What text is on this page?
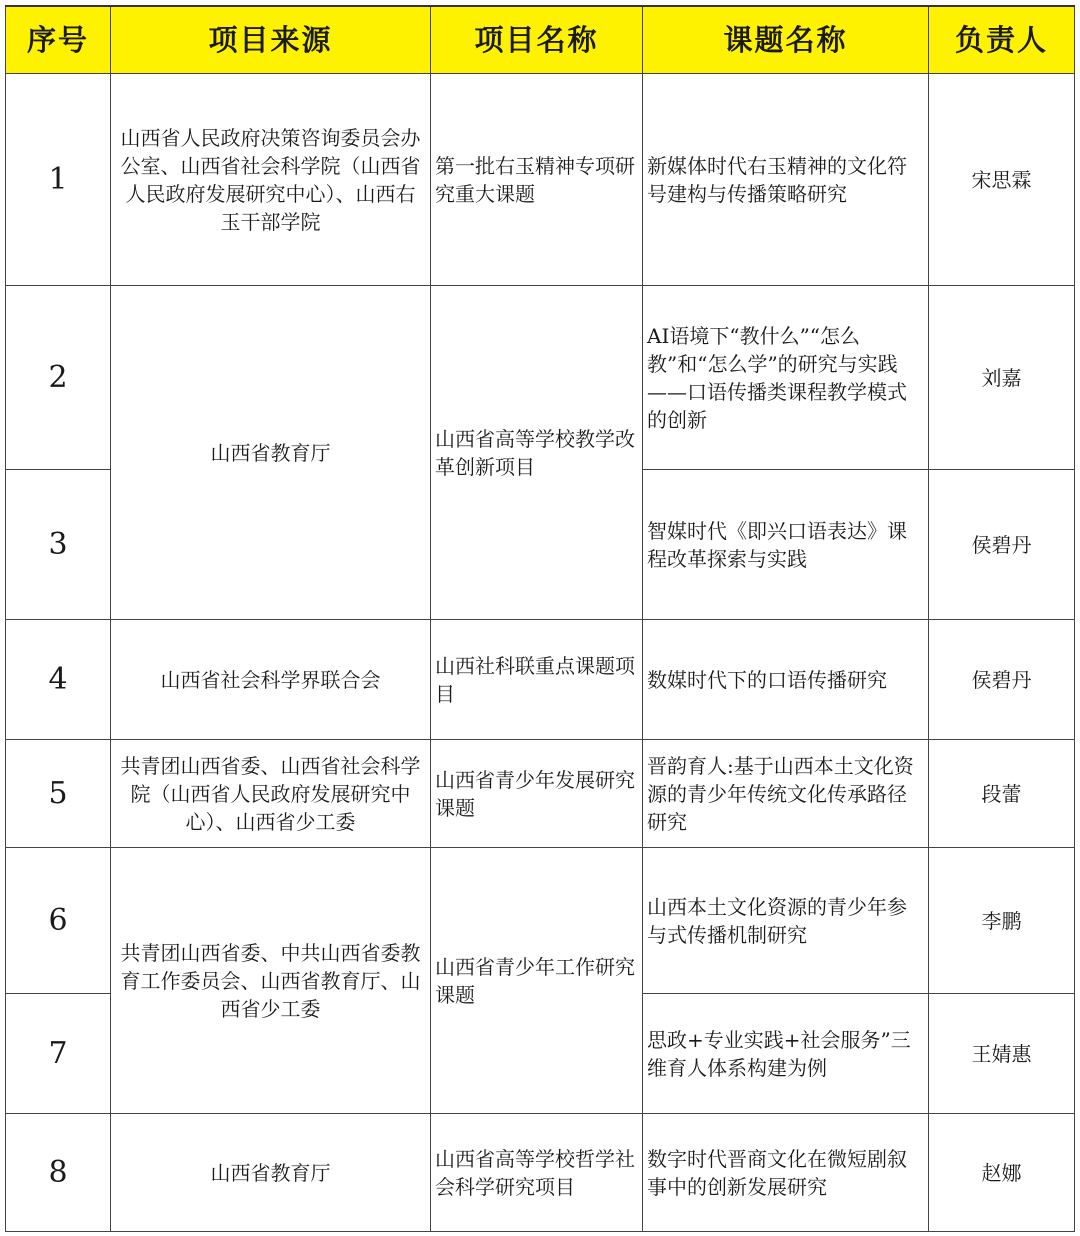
序号	项目来源	项目名称	课题名称	负责人
1	山西省人民政府决策咨询委员会办公室、山西省社会科学院（山西省人民政府发展研究中心）、山西右玉干部学院	第一批右玉精神专项研究重大课题	新媒体时代右玉精神的文化符号建构与传播策略研究	宋思霖
2	山西省教育厅	山西省高等学校教学改革创新项目	AI语境下“教什么”“怎么教”和“怎么学”的研究与实践——口语传播类课程教学模式的创新	刘嘉
3			智媒时代《即兴口语表达》课程改革探索与实践	侯碧丹
4	山西省社会科学界联合会	山西社科联重点课题项目	数媒时代下的口语传播研究	侯碧丹
5	共青团山西省委、山西省社会科学院（山西省人民政府发展研究中心）、山西省少工委	山西省青少年发展研究课题	晋韵育人:基于山西本土文化资源的青少年传统文化传承路径研究	段蕾
6	共青团山西省委、中共山西省委教育工作委员会、山西省教育厅、山西省少工委	山西省青少年工作研究课题	山西本土文化资源的青少年参与式传播机制研究	李鹏
7			思政+专业实践+社会服务”三维育人体系构建为例	王婧惠
8	山西省教育厅	山西省高等学校哲学社会科学研究项目	数字时代晋商文化在微短剧叙事中的创新发展研究	赵娜
